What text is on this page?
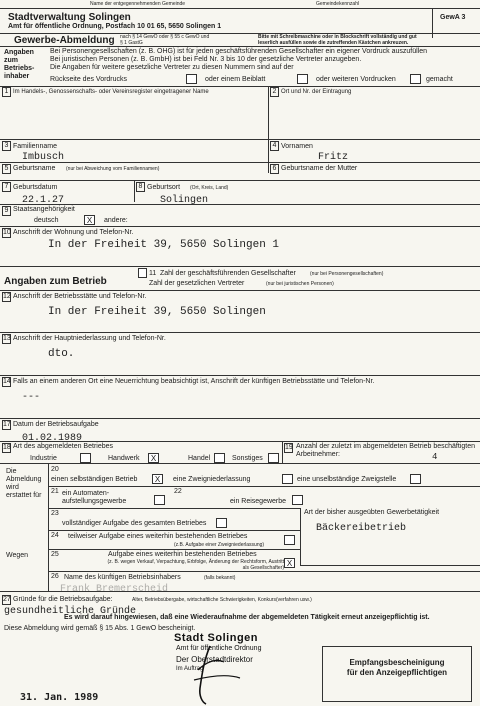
Name der entgegennehmenden Gemeinde	Gemeindekennzahl
Stadtverwaltung Solingen
Amt für öffentliche Ordnung, Postfach 10 01 65, 5650 Solingen 1
GewA 3
Gewerbe-Abmeldung nach § 14 GewO oder § 55 c GewO und § 1 GastG
Bitte mit Schreibmaschine oder in Blockschrift vollständig und gut leserlich ausfüllen sowie die zutreffenden Kästchen ankreuzen.
Angaben zum Betriebs-inhaber
Bei Personengesellschaften (z. B. OHG) ist für jeden geschäftsführenden Gesellschafter ein eigener Vordruck auszufüllen
Bei juristischen Personen (z. B. GmbH) ist bei Feld Nr. 3 bis 10 der gesetzliche Vertreter anzugeben.
Die Angaben für weitere gesetzliche Vertreter zu diesen Nummern sind auf der
Rückseite des Vordrucks	oder einem Beiblatt	oder weiteren Vordrucken	gemacht
1 Im Handels-, Genossenschafts- oder Vereinsregister eingetragener Name	2 Ort und Nr. der Eintragung
3 Familienname
Imbusch
4 Vornamen
Fritz
5 Geburtsname (nur bei Abweichung vom Familiennamen)	6 Geburtsname der Mutter
7 Geburtsdatum
22.1.27
8 Geburtsort (Ort, Kreis, Land)
Solingen
9 Staatsangehörigkeit
deutsch	X	andere:
10 Anschrift der Wohnung und Telefon-Nr.
In der Freiheit 39, 5650 Solingen 1
Angaben zum Betrieb
11 Zahl der geschäftsführenden Gesellschafter	(nur bei Personengesellschaften)
Zahl der gesetzlichen Vertreter	(nur bei juristischen Personen)
12 Anschrift der Betriebsstätte und Telefon-Nr.
In der Freiheit 39, 5650 Solingen
13 Anschrift der Hauptniederlassung und Telefon-Nr.
dto.
14 Falls an einem anderen Ort eine Neuerrichtung beabsichtigt ist, Anschrift der künftigen Betriebsstätte und Telefon-Nr.
---
17 Datum der Betriebsaufgabe
01.02.1989
18 Art des abgemeldeten Betriebes
Industrie	Handwerk	X	Handel	Sonstiges
19 Anzahl der zuletzt im abgemeldeten Betrieb beschäftigten Arbeitnehmer:	4
Die Abmeldung wird erstattet für
20
einen selbständigen Betrieb	X	eine Zweigniederlassung	eine unselbständige Zweigstelle
21 ein Automaten-aufstellungsgewerbe
22
ein Reisegewerbe
Wegen
Art der bisher ausgeübten Gewerbetätigkeit
Bäckereibetrieb
23
vollständiger Aufgabe des gesamten Betriebes
24 teilweiser Aufgabe eines weiterhin bestehenden Betriebes
(z.B. Aufgabe einer Zweigniederlassung)
25	Aufgabe eines weiterhin bestehenden Betriebes
(z. B. wegen Verkauf, Verpachtung, Erbfolge, Änderung der Rechtsform, Austritt als Gesellschafter) X
26 Name des künftigen Betriebsinhabers	(falls bekannt)
Frank Bremerscheid
27 Gründe für die Betriebsaufgabe:	Alter, Betriebsübergabe, wirtschaftliche Schwierigkeiten, Konkurs(verfahren usw.)
gesundheitliche Gründe
Es wird darauf hingewiesen, daß eine Wiederaufnahme der abgemeldeten Tätigkeit erneut anzeigepflichtig ist.
Diese Abmeldung wird gemäß § 15 Abs. 1 GewO bescheinigt.
Stadt Solingen
Amt für öffentliche Ordnung
Der Oberstadtdirektor
Im Auftrag
31. Jan. 1989
Empfangsbescheinigung
für den Anzeigepflichtigen
